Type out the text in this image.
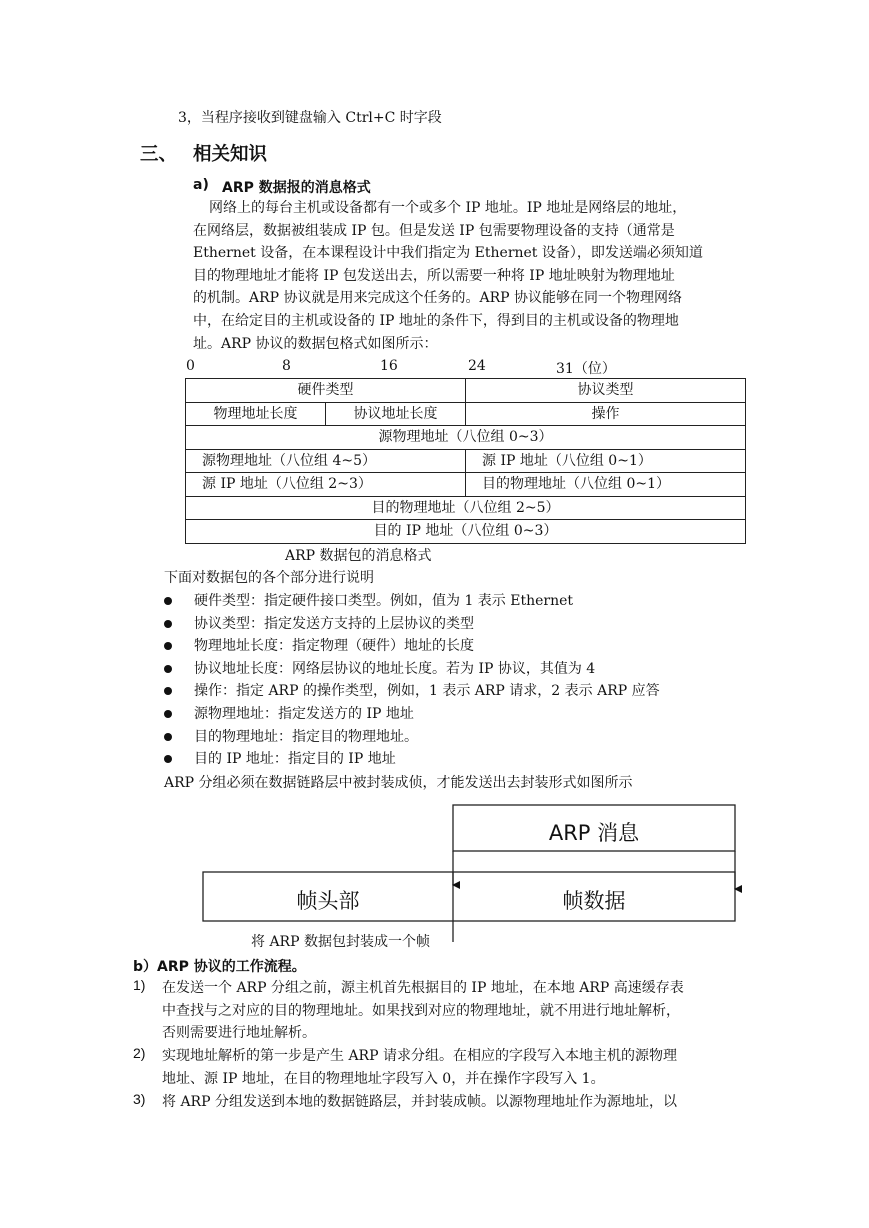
3，当程序接收到键盘输入 Ctrl+C 时字段
三、 相关知识
a) ARP 数据报的消息格式
网络上的每台主机或设备都有一个或多个 IP 地址。IP 地址是网络层的地址，
在网络层，数据被组装成 IP 包。但是发送 IP 包需要物理设备的支持（通常是
Ethernet 设备，在本课程设计中我们指定为 Ethernet 设备），即发送端必须知道
目的物理地址才能将 IP 包发送出去，所以需要一种将 IP 地址映射为物理地址
的机制。ARP 协议就是用来完成这个任务的。ARP 协议能够在同一个物理网络
中，在给定目的主机或设备的 IP 地址的条件下，得到目的主机或设备的物理地
址。ARP 协议的数据包格式如图所示：
0	8	16	24	31（位）
硬件类型		协议类型
物理地址长度	协议地址长度	操作
源物理地址（八位组 0~3）		
源物理地址（八位组 4~5）		源 IP 地址（八位组 0~1）
源 IP 地址（八位组 2~3）		目的物理地址（八位组 0~1）
目的物理地址（八位组 2~5）		
目的 IP 地址（八位组 0~3）		
ARP 数据包的消息格式
下面对数据包的各个部分进行说明
硬件类型：指定硬件接口类型。例如，值为 1 表示 Ethernet
协议类型：指定发送方支持的上层协议的类型
物理地址长度：指定物理（硬件）地址的长度
协议地址长度：网络层协议的地址长度。若为 IP 协议，其值为 4
操作：指定 ARP 的操作类型，例如，1 表示 ARP 请求，2 表示 ARP 应答
源物理地址：指定发送方的 IP 地址
目的物理地址：指定目的物理地址。
目的 IP 地址：指定目的 IP 地址
ARP 分组必须在数据链路层中被封装成侦，才能发送出去封装形式如图所示
ARP 消息
帧头部	帧数据
将 ARP 数据包封装成一个帧
b）ARP 协议的工作流程。
1) 在发送一个 ARP 分组之前，源主机首先根据目的 IP 地址，在本地 ARP 高速缓存表
中查找与之对应的目的物理地址。如果找到对应的物理地址，就不用进行地址解析，
否则需要进行地址解析。
2) 实现地址解析的第一步是产生 ARP 请求分组。在相应的字段写入本地主机的源物理
地址、源 IP 地址，在目的物理地址字段写入 0，并在操作字段写入 1。
3) 将 ARP 分组发送到本地的数据链路层，并封装成帧。以源物理地址作为源地址，以
